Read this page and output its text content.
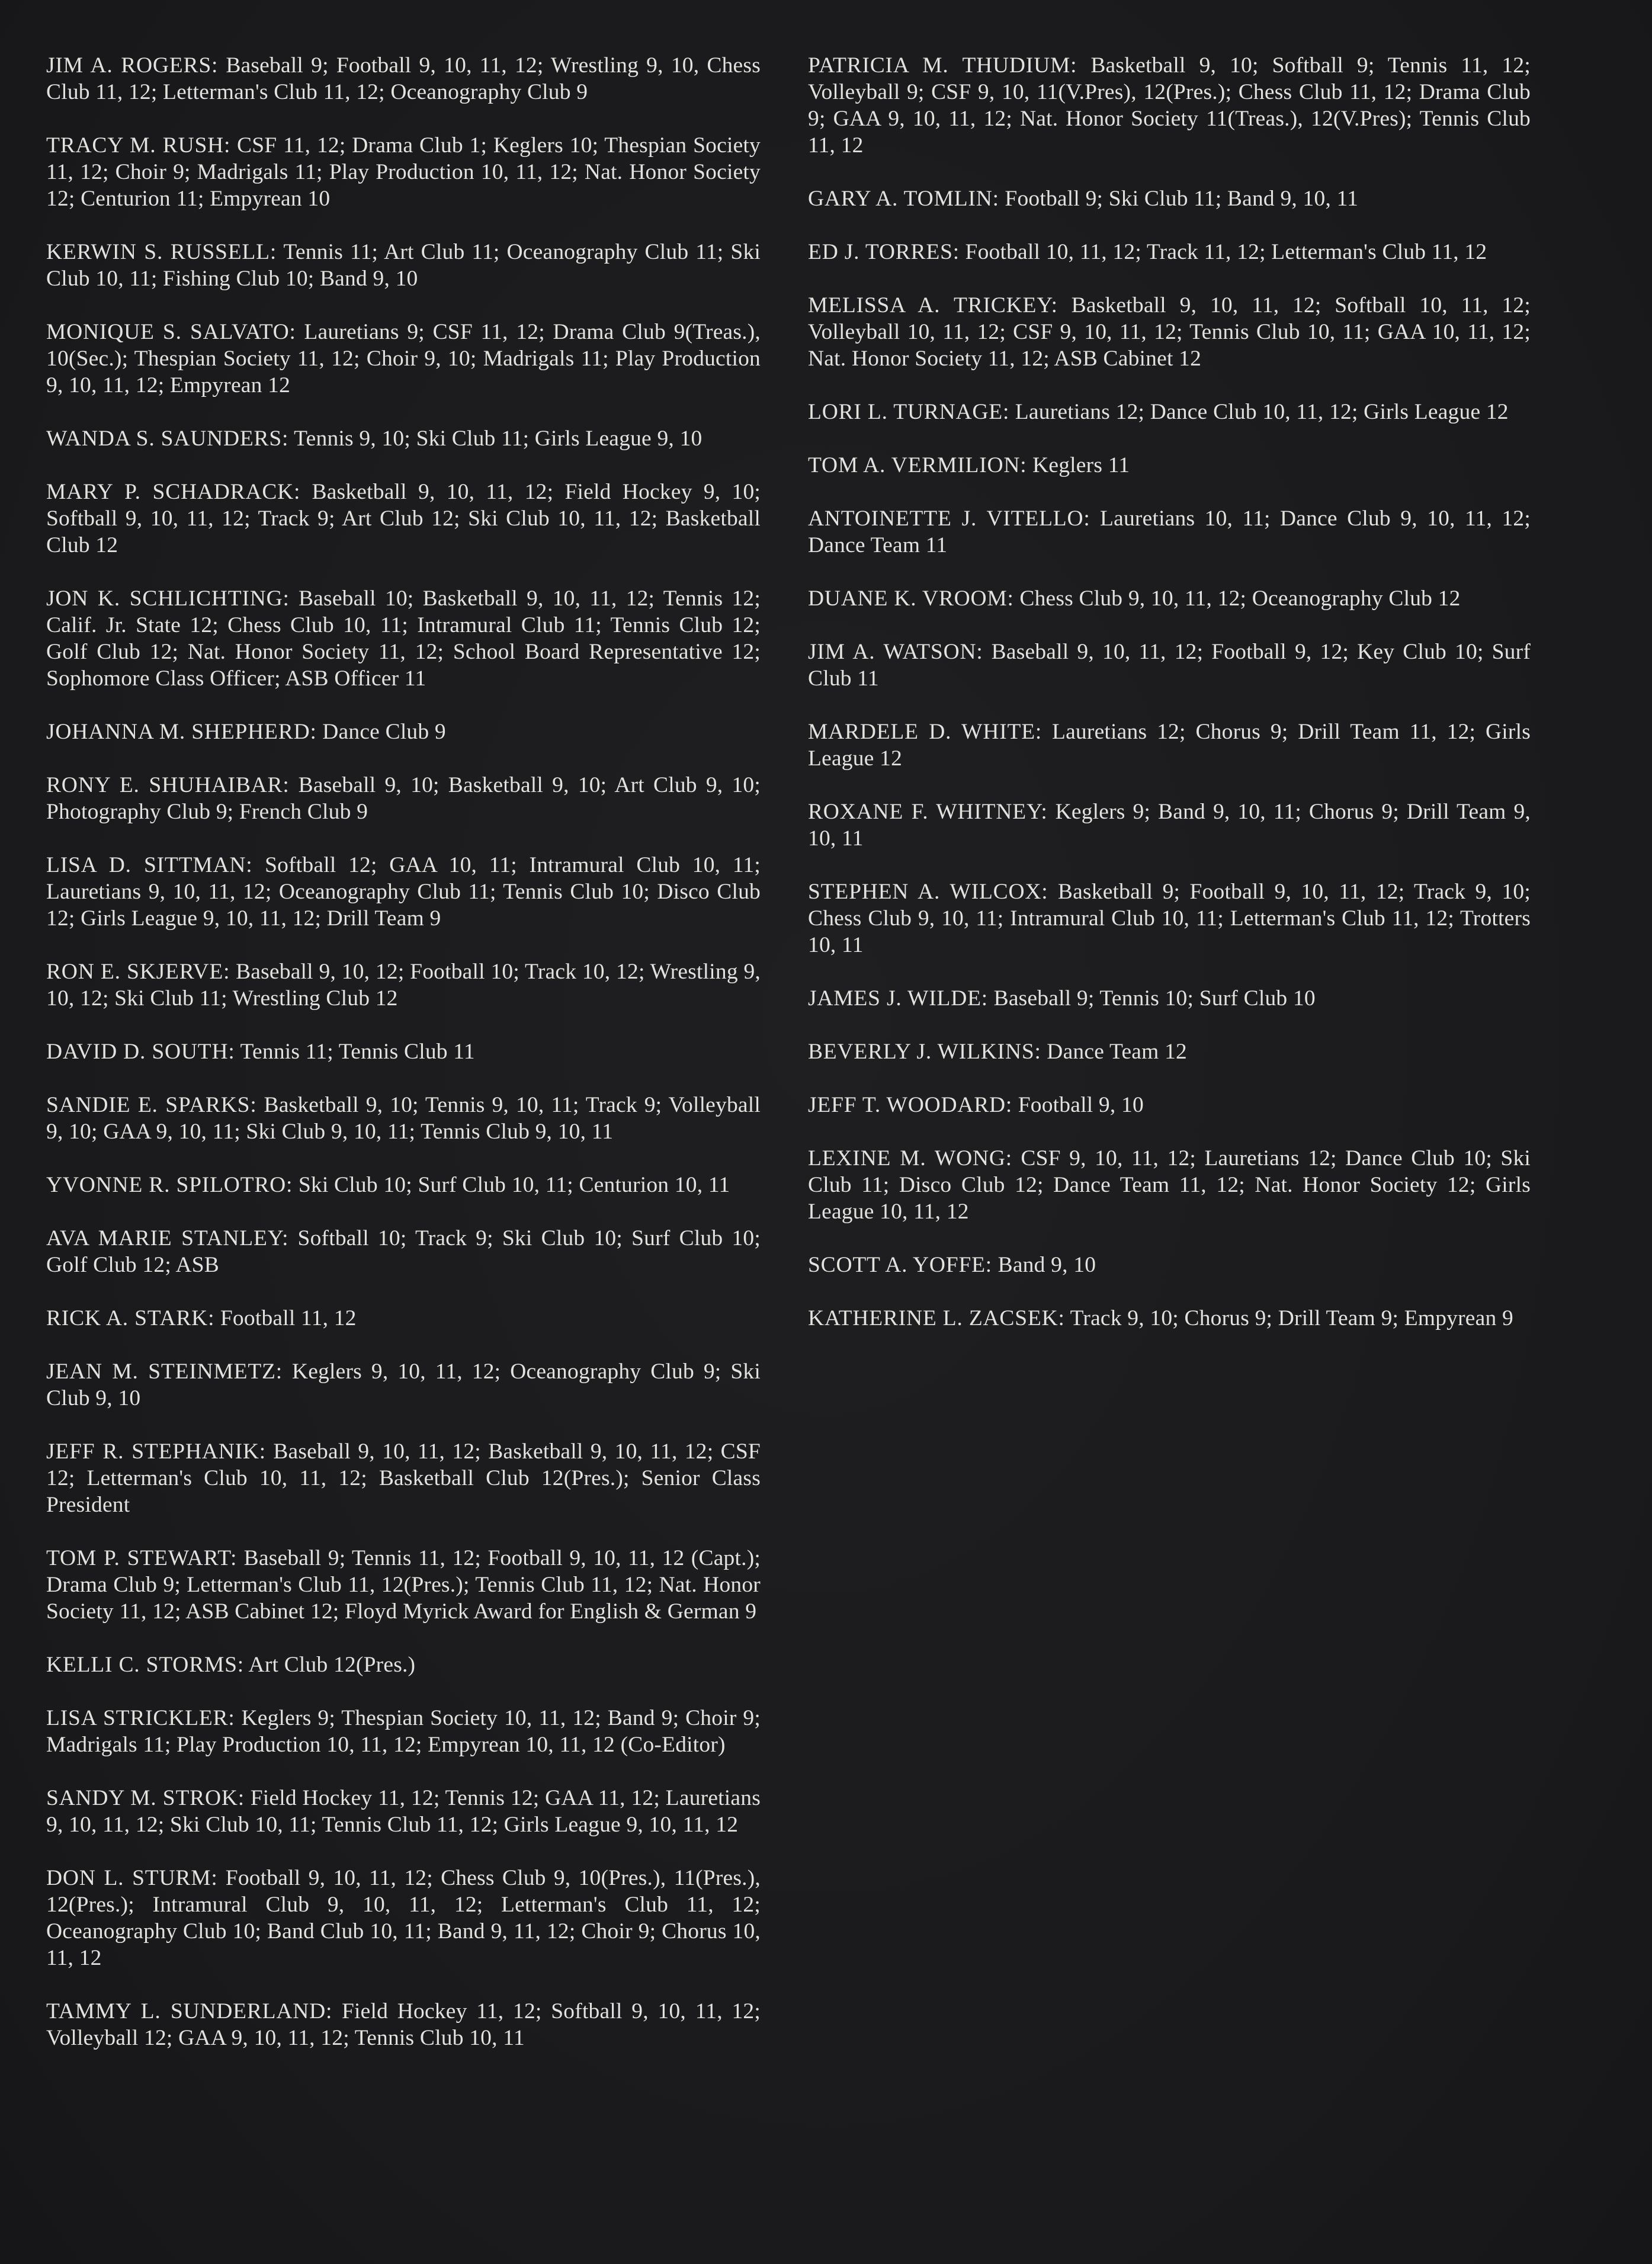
JIM A. ROGERS: Baseball 9; Football 9, 10, 11, 12; Wrestling 9, 10, Chess Club 11, 12; Letterman's Club 11, 12; Oceanography Club 9

TRACY M. RUSH: CSF 11, 12; Drama Club 1; Keglers 10; Thespian Society 11, 12; Choir 9; Madrigals 11; Play Production 10, 11, 12; Nat. Honor Society 12; Centurion 11; Empyrean 10

KERWIN S. RUSSELL: Tennis 11; Art Club 11; Oceanography Club 11; Ski Club 10, 11; Fishing Club 10; Band 9, 10

MONIQUE S. SALVATO: Lauretians 9; CSF 11, 12; Drama Club 9(Treas.), 10(Sec.); Thespian Society 11, 12; Choir 9, 10; Madrigals 11; Play Production 9, 10, 11, 12; Empyrean 12

WANDA S. SAUNDERS: Tennis 9, 10; Ski Club 11; Girls League 9, 10

MARY P. SCHADRACK: Basketball 9, 10, 11, 12; Field Hockey 9, 10; Softball 9, 10, 11, 12; Track 9; Art Club 12; Ski Club 10, 11, 12; Basketball Club 12

JON K. SCHLICHTING: Baseball 10; Basketball 9, 10, 11, 12; Tennis 12; Calif. Jr. State 12; Chess Club 10, 11; Intramural Club 11; Tennis Club 12; Golf Club 12; Nat. Honor Society 11, 12; School Board Representative 12; Sophomore Class Officer; ASB Officer 11

JOHANNA M. SHEPHERD: Dance Club 9

RONY E. SHUHAIBAR: Baseball 9, 10; Basketball 9, 10; Art Club 9, 10; Photography Club 9; French Club 9

LISA D. SITTMAN: Softball 12; GAA 10, 11; Intramural Club 10, 11; Lauretians 9, 10, 11, 12; Oceanography Club 11; Tennis Club 10; Disco Club 12; Girls League 9, 10, 11, 12; Drill Team 9

RON E. SKJERVE: Baseball 9, 10, 12; Football 10; Track 10, 12; Wrestling 9, 10, 12; Ski Club 11; Wrestling Club 12

DAVID D. SOUTH: Tennis 11; Tennis Club 11

SANDIE E. SPARKS: Basketball 9, 10; Tennis 9, 10, 11; Track 9; Volleyball 9, 10; GAA 9, 10, 11; Ski Club 9, 10, 11; Tennis Club 9, 10, 11

YVONNE R. SPILOTRO: Ski Club 10; Surf Club 10, 11; Centurion 10, 11

AVA MARIE STANLEY: Softball 10; Track 9; Ski Club 10; Surf Club 10; Golf Club 12; ASB

RICK A. STARK: Football 11, 12

JEAN M. STEINMETZ: Keglers 9, 10, 11, 12; Oceanography Club 9; Ski Club 9, 10

JEFF R. STEPHANIK: Baseball 9, 10, 11, 12; Basketball 9, 10, 11, 12; CSF 12; Letterman's Club 10, 11, 12; Basketball Club 12(Pres.); Senior Class President

TOM P. STEWART: Baseball 9; Tennis 11, 12; Football 9, 10, 11, 12 (Capt.); Drama Club 9; Letterman's Club 11, 12(Pres.); Tennis Club 11, 12; Nat. Honor Society 11, 12; ASB Cabinet 12; Floyd Myrick Award for English & German 9

KELLI C. STORMS: Art Club 12(Pres.)

LISA STRICKLER: Keglers 9; Thespian Society 10, 11, 12; Band 9; Choir 9; Madrigals 11; Play Production 10, 11, 12; Empyrean 10, 11, 12 (Co-Editor)

SANDY M. STROK: Field Hockey 11, 12; Tennis 12; GAA 11, 12; Lauretians 9, 10, 11, 12; Ski Club 10, 11; Tennis Club 11, 12; Girls League 9, 10, 11, 12

DON L. STURM: Football 9, 10, 11, 12; Chess Club 9, 10(Pres.), 11(Pres.), 12(Pres.); Intramural Club 9, 10, 11, 12; Letterman's Club 11, 12; Oceanography Club 10; Band Club 10, 11; Band 9, 11, 12; Choir 9; Chorus 10, 11, 12

TAMMY L. SUNDERLAND: Field Hockey 11, 12; Softball 9, 10, 11, 12; Volleyball 12; GAA 9, 10, 11, 12; Tennis Club 10, 11

PATRICIA M. THUDIUM: Basketball 9, 10; Softball 9; Tennis 11, 12; Volleyball 9; CSF 9, 10, 11(V.Pres), 12(Pres.); Chess Club 11, 12; Drama Club 9; GAA 9, 10, 11, 12; Nat. Honor Society 11(Treas.), 12(V.Pres); Tennis Club 11, 12

GARY A. TOMLIN: Football 9; Ski Club 11; Band 9, 10, 11

ED J. TORRES: Football 10, 11, 12; Track 11, 12; Letterman's Club 11, 12

MELISSA A. TRICKEY: Basketball 9, 10, 11, 12; Softball 10, 11, 12; Volleyball 10, 11, 12; CSF 9, 10, 11, 12; Tennis Club 10, 11; GAA 10, 11, 12; Nat. Honor Society 11, 12; ASB Cabinet 12

LORI L. TURNAGE: Lauretians 12; Dance Club 10, 11, 12; Girls League 12

TOM A. VERMILION: Keglers 11

ANTOINETTE J. VITELLO: Lauretians 10, 11; Dance Club 9, 10, 11, 12; Dance Team 11

DUANE K. VROOM: Chess Club 9, 10, 11, 12; Oceanography Club 12

JIM A. WATSON: Baseball 9, 10, 11, 12; Football 9, 12; Key Club 10; Surf Club 11

MARDELE D. WHITE: Lauretians 12; Chorus 9; Drill Team 11, 12; Girls League 12

ROXANE F. WHITNEY: Keglers 9; Band 9, 10, 11; Chorus 9; Drill Team 9, 10, 11

STEPHEN A. WILCOX: Basketball 9; Football 9, 10, 11, 12; Track 9, 10; Chess Club 9, 10, 11; Intramural Club 10, 11; Letterman's Club 11, 12; Trotters 10, 11

JAMES J. WILDE: Baseball 9; Tennis 10; Surf Club 10

BEVERLY J. WILKINS: Dance Team 12

JEFF T. WOODARD: Football 9, 10

LEXINE M. WONG: CSF 9, 10, 11, 12; Lauretians 12; Dance Club 10; Ski Club 11; Disco Club 12; Dance Team 11, 12; Nat. Honor Society 12; Girls League 10, 11, 12

SCOTT A. YOFFE: Band 9, 10

KATHERINE L. ZACSEK: Track 9, 10; Chorus 9; Drill Team 9; Empyrean 9
